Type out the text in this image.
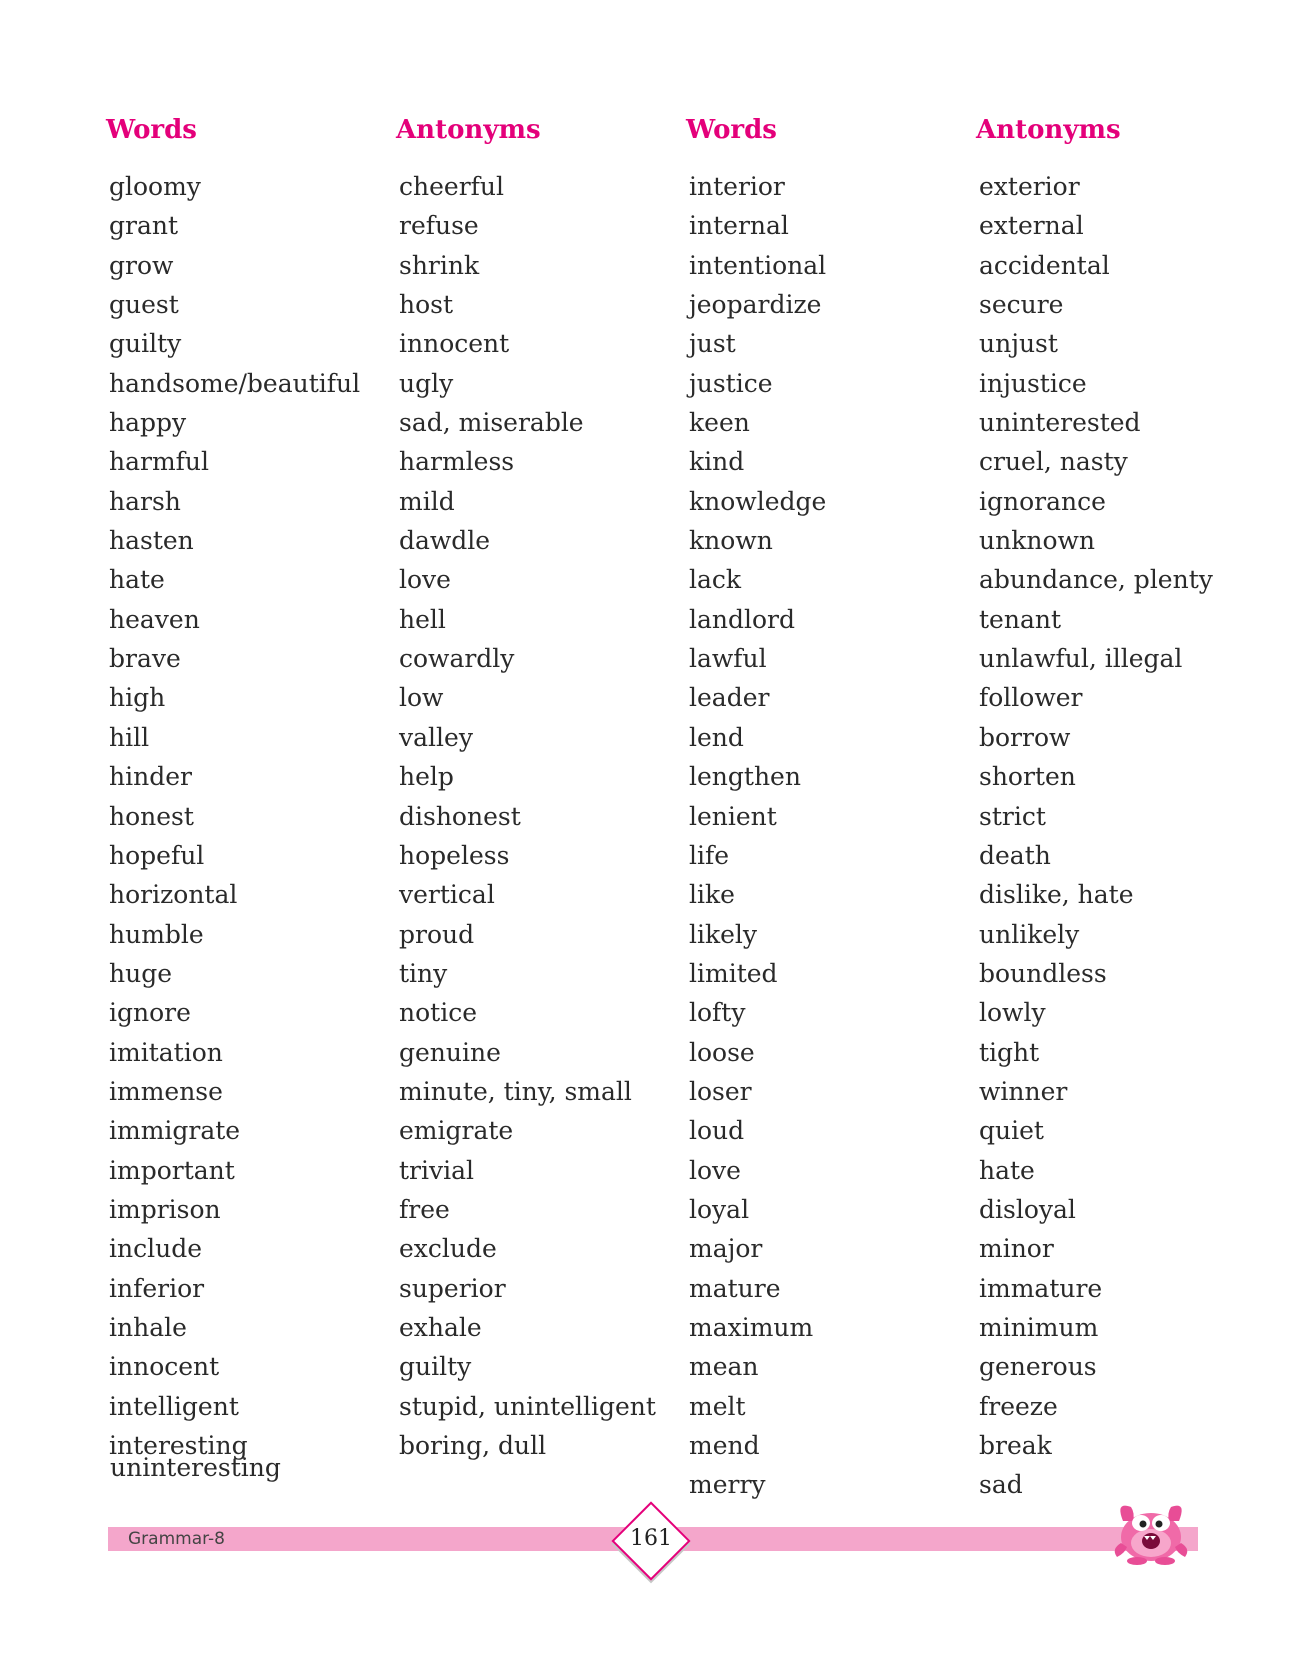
Words
gloomy
grant
grow
guest
guilty
handsome/beautiful
happy
harmful
harsh
hasten
hate
heaven
brave
high
hill
hinder
honest
hopeful
horizontal
humble
huge
ignore
imitation
immense
immigrate
important
imprison
include
inferior
inhale
innocent
intelligent
interesting
Antonyms
cheerful
refuse
shrink
host
innocent
ugly
sad, miserable
harmless
mild
dawdle
love
hell
cowardly
low
valley
help
dishonest
hopeless
vertical
proud
tiny
notice
genuine
minute, tiny, small
emigrate
trivial
free
exclude
superior
exhale
guilty
stupid, unintelligent
boring, dull
Words
interior
internal
intentional
jeopardize
just
justice
keen
kind
knowledge
known
lack
landlord
lawful
leader
lend
lengthen
lenient
life
like
likely
limited
lofty
loose
loser
loud
love
loyal
major
mature
maximum
mean
melt
mend
merry
Antonyms
exterior
external
accidental
secure
unjust
injustice
uninterested
cruel, nasty
ignorance
unknown
abundance, plenty
tenant
unlawful, illegal
follower
borrow
shorten
strict
death
dislike, hate
unlikely
boundless
lowly
tight
winner
quiet
hate
disloyal
minor
immature
minimum
generous
freeze
break
sad
uninteresting
Grammar-8	161
